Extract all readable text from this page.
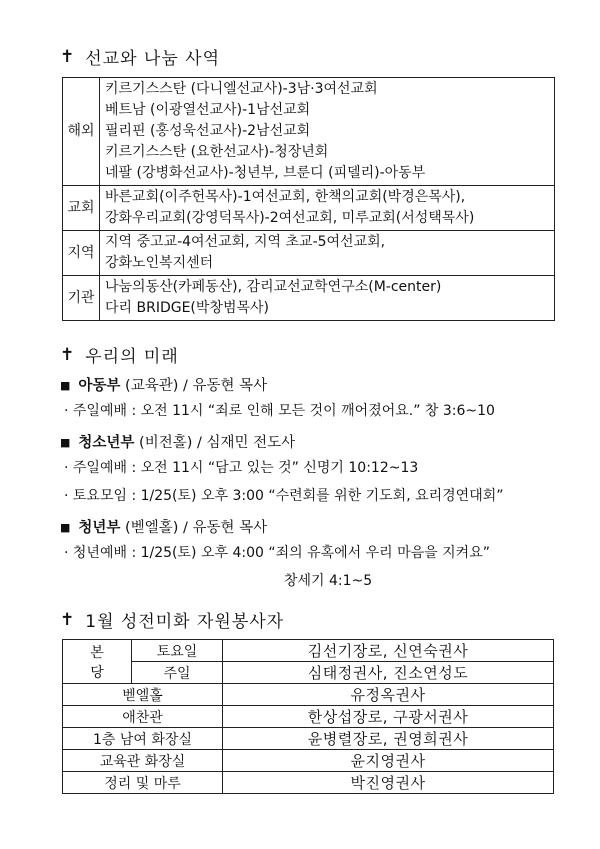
✝ 선교와 나눔 사역
해외	키르기스스탄 (다니엘선교사)-3남·3여선교회
베트남 (이광열선교사)-1남선교회
필리핀 (홍성욱선교사)-2남선교회
키르기스스탄 (요한선교사)-청장년회
네팔 (강병화선교사)-청년부, 브룬디 (피델리)-아동부

교회	바른교회(이주헌목사)-1여선교회, 한책의교회(박경은목사),
강화우리교회(강영덕목사)-2여선교회, 미루교회(서성택목사)

지역	지역 중고교-4여선교회, 지역 초교-5여선교회,
강화노인복지센터

기관	나눔의동산(카페동산), 감리교선교학연구소(M-center)
다리 BRIDGE(박창범목사)
✝ 우리의 미래
■ 아동부 (교육관) / 유동현 목사
· 주일예배 : 오전 11시 “죄로 인해 모든 것이 깨어졌어요.” 창 3:6~10
■ 청소년부 (비전홀) / 심재민 전도사
· 주일예배 : 오전 11시 “담고 있는 것” 신명기 10:12~13
· 토요모임 : 1/25(토) 오후 3:00 “수련회를 위한 기도회, 요리경연대회”
■ 청년부 (벧엘홀) / 유동현 목사
· 청년예배 : 1/25(토) 오후 4:00 “죄의 유혹에서 우리 마음을 지켜요”
창세기 4:1~5
✝ 1월 성전미화 자원봉사자
본
당	토요일	김선기장로, 신연숙권사
	주일	심태정권사, 진소연성도
벧엘홀		유정옥권사
애찬관		한상섭장로, 구광서권사
1층 남여 화장실		윤병렬장로, 권영희권사
교육관 화장실		윤지영권사
정리 및 마루		박진영권사
